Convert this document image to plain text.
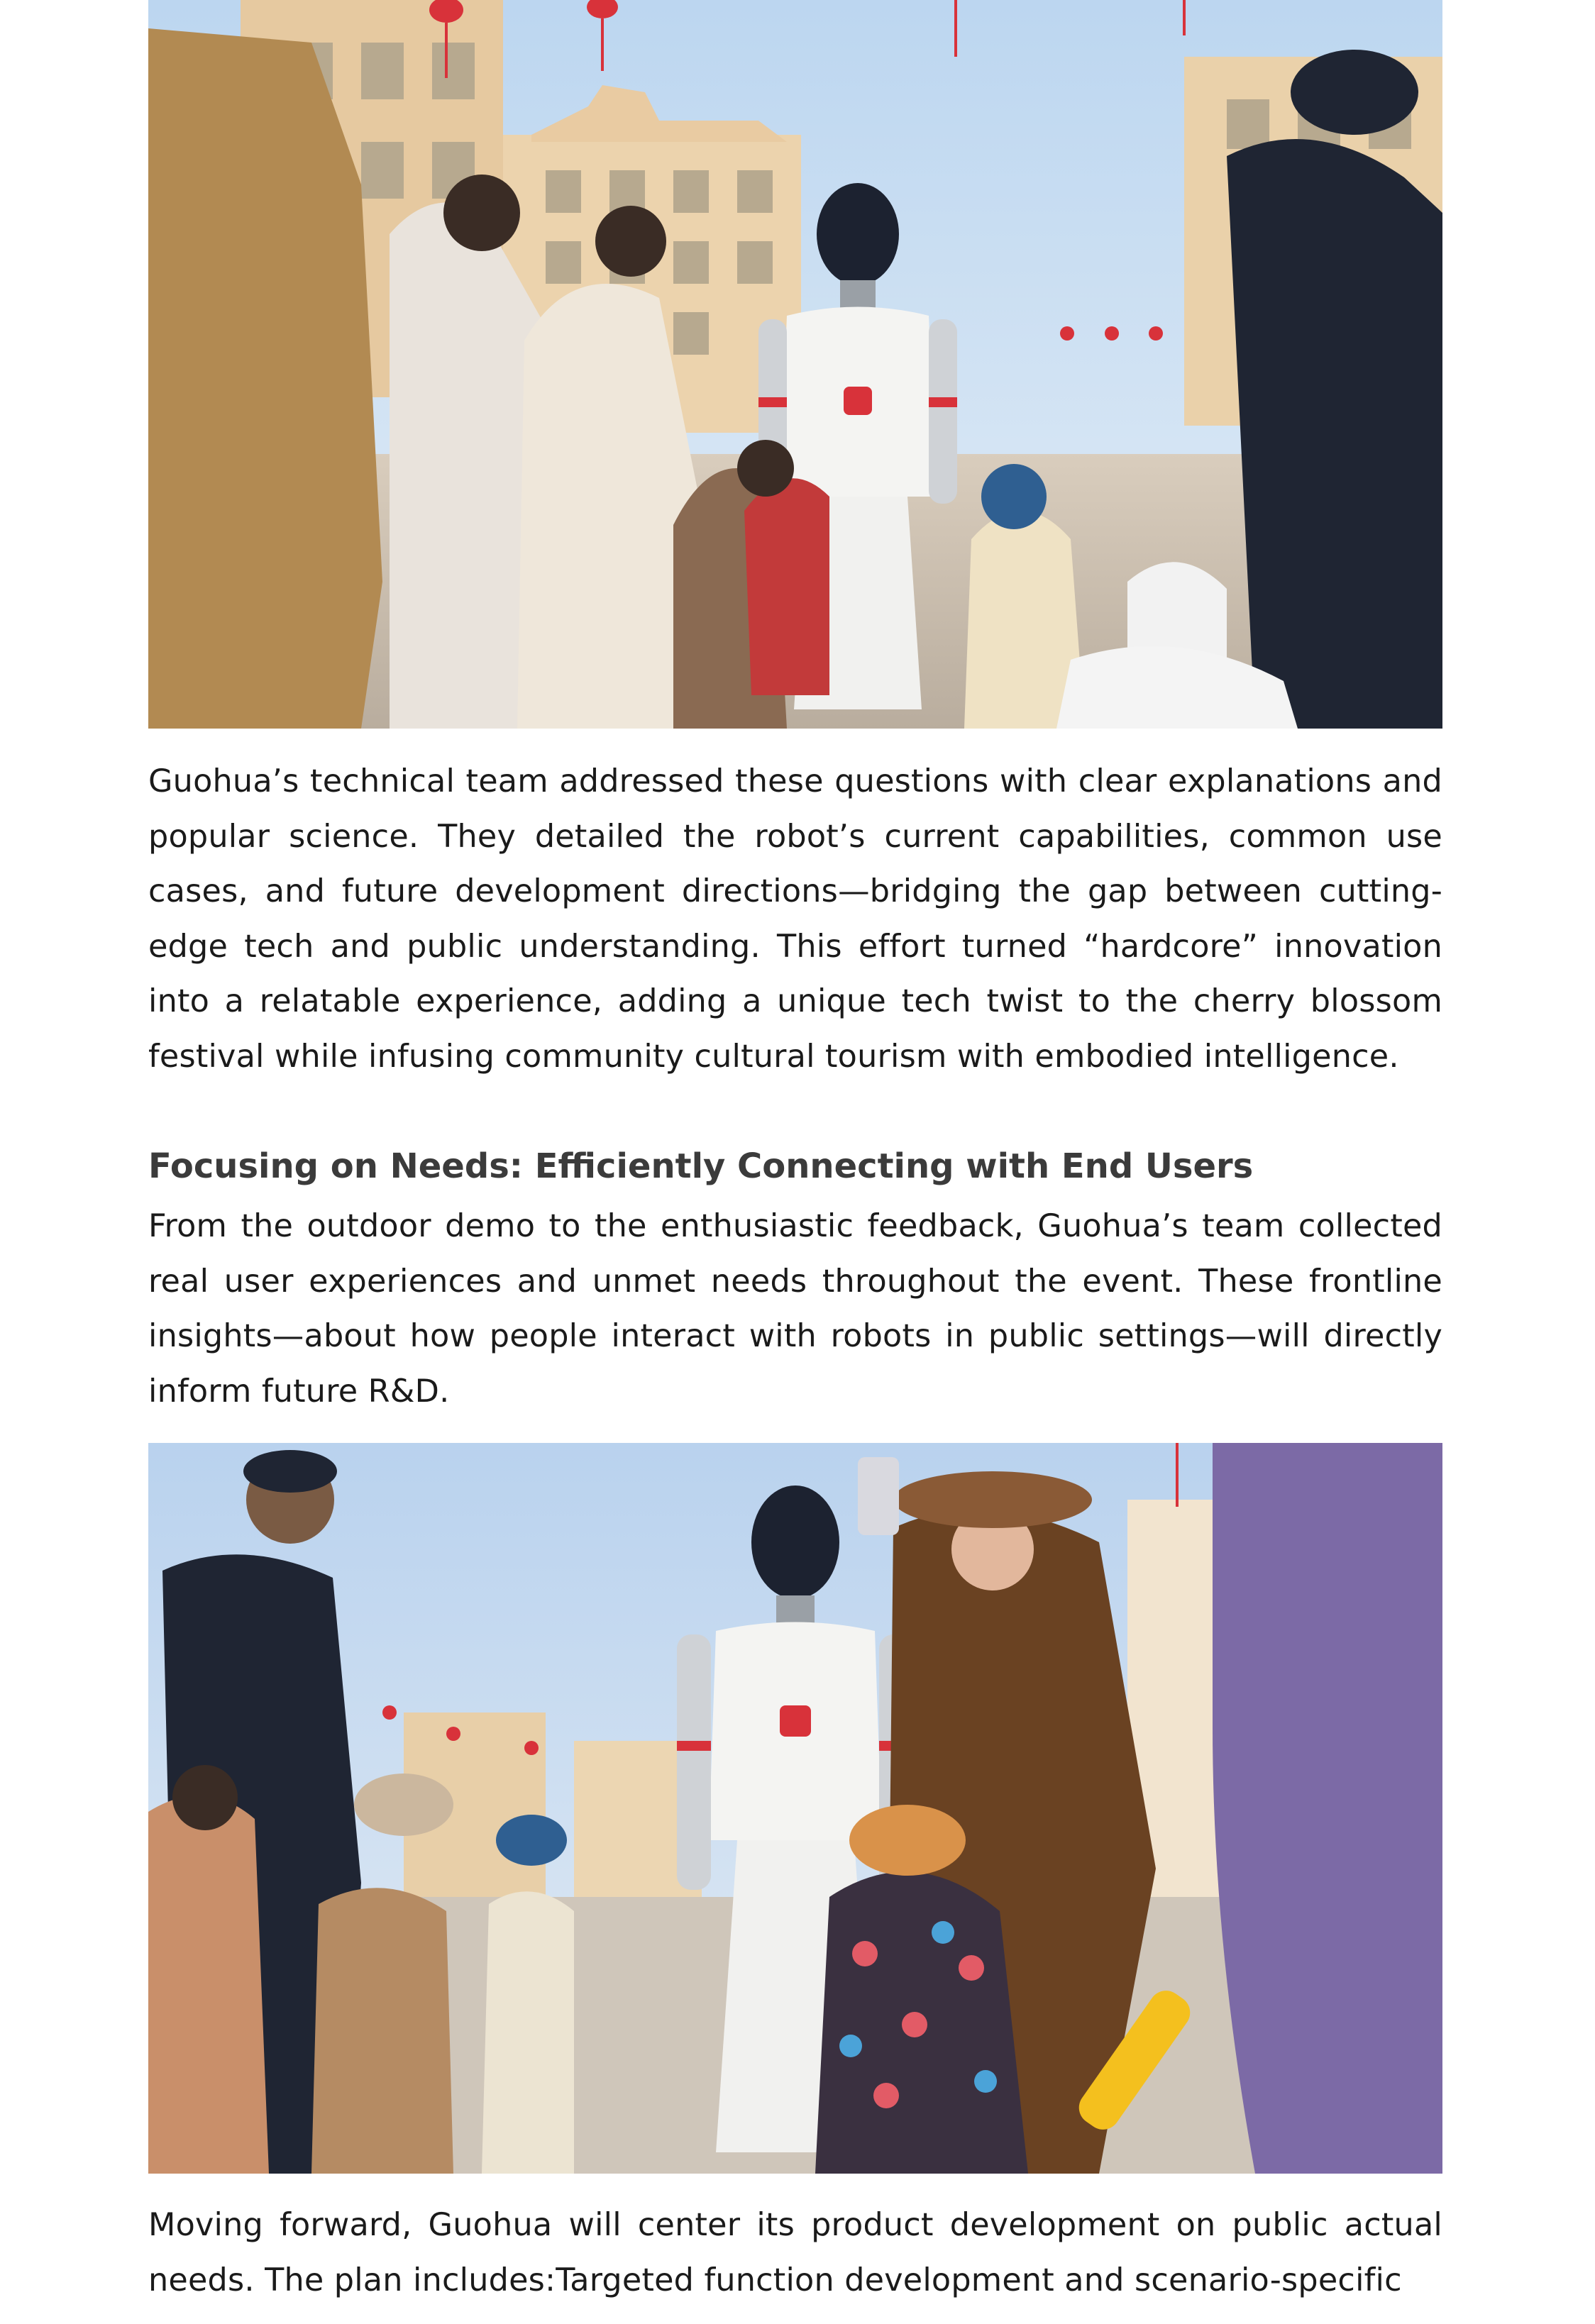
Guohua’s technical team addressed these questions with clear explanations and popular science. They detailed the robot’s current capabilities, common use cases, and future development directions—bridging the gap between cutting-edge tech and public understanding. This effort turned “hardcore” innovation into a relatable experience, adding a unique tech twist to the cherry blossom festival while infusing community cultural tourism with embodied intelligence.

Focusing on Needs: Efficiently Connecting with End Users

From the outdoor demo to the enthusiastic feedback, Guohua’s team collected real user experiences and unmet needs throughout the event. These frontline insights—about how people interact with robots in public settings—will directly inform future R&D.

Moving forward, Guohua will center its product development on public actual needs. The plan includes:Targeted function development and scenario-specific
